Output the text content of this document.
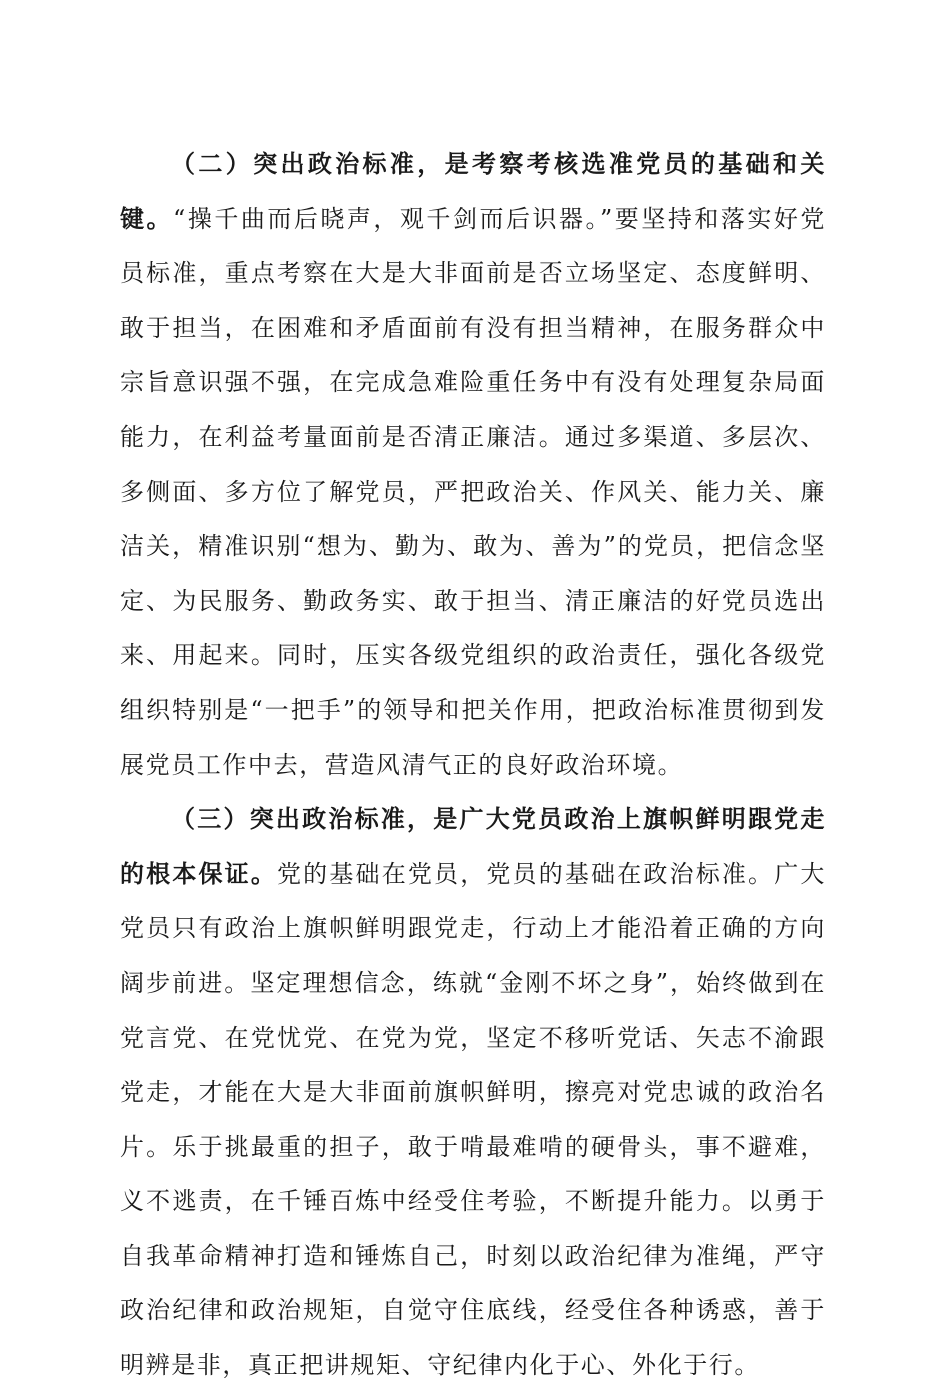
（二）突出政治标准，是考察考核选准党员的基础和关键。“操千曲而后晓声，观千剑而后识器。”要坚持和落实好党员标准，重点考察在大是大非面前是否立场坚定、态度鲜明、敢于担当，在困难和矛盾面前有没有担当精神，在服务群众中宗旨意识强不强，在完成急难险重任务中有没有处理复杂局面能力，在利益考量面前是否清正廉洁。通过多渠道、多层次、多侧面、多方位了解党员，严把政治关、作风关、能力关、廉洁关，精准识别“想为、勤为、敢为、善为”的党员，把信念坚定、为民服务、勤政务实、敢于担当、清正廉洁的好党员选出来、用起来。同时，压实各级党组织的政治责任，强化各级党组织特别是“一把手”的领导和把关作用，把政治标准贯彻到发展党员工作中去，营造风清气正的良好政治环境。

（三）突出政治标准，是广大党员政治上旗帜鲜明跟党走的根本保证。党的基础在党员，党员的基础在政治标准。广大党员只有政治上旗帜鲜明跟党走，行动上才能沿着正确的方向阔步前进。坚定理想信念，练就“金刚不坏之身”，始终做到在党言党、在党忧党、在党为党，坚定不移听党话、矢志不渝跟党走，才能在大是大非面前旗帜鲜明，擦亮对党忠诚的政治名片。乐于挑最重的担子，敢于啃最难啃的硬骨头，事不避难，义不逃责，在千锤百炼中经受住考验，不断提升能力。以勇于自我革命精神打造和锤炼自己，时刻以政治纪律为准绳，严守政治纪律和政治规矩，自觉守住底线，经受住各种诱惑，善于明辨是非，真正把讲规矩、守纪律内化于心、外化于行。
